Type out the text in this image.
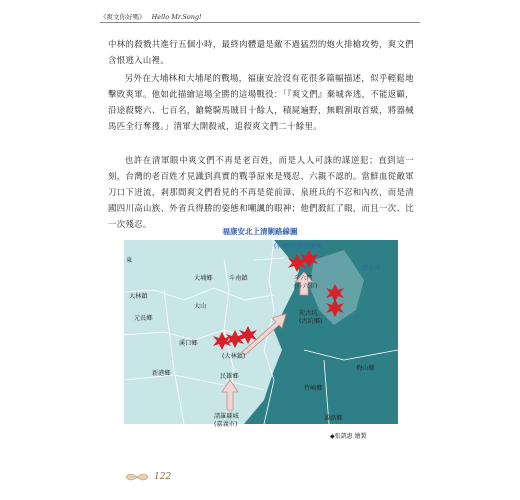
《爽文你好嗎》 Hello Mr.Song!

中林的殺戮共進行五個小時，最終肉體還是敵不過猛烈的炮火排槍攻勢，爽文們含恨逃入山裡。

另外在大埔林和大埔尾的戰場，福康安詮沒有花很多篇幅描述，似乎輕鬆地擊敗爽軍。他如此描繪這場全勝的這場戰役：「『爽文們』棄城奔逃，不能返顧，沿途殺斃六、七百名，鎗斃騎馬賊目十餘人，積屍遍野，無暇割取首級，將器械馬匹全行奪獲。」清軍大開殺戒，追殺爽文們二十餘里。

也許在清軍眼中爽文們不再是老百姓，而是人人可誅的謀逆犯；直到這一刻，台灣的老百姓才見識到真實的戰爭原來是殘忍、六親不認的。當鮮血從敵軍刀口下迸流，剎那間爽文們看見的不再是從前漳、泉班兵的不忍和內疚，而是清國四川高山族、外省兵得勝的姿態和嘲諷的眼神；他們殺紅了眼，而且一次、比一次殘忍。

福康安北上清剿路線圖
(石榴班汛)虎尾溪
斗六門
(斗六市)
清水溪
東
大埔鄉	斗南鎮
大林鎮
大山
元長鄉
溪口鄉
(大林鎮)
新港鄉	民雄鄉
諸羅縣城
(嘉義市)
崁古坑
(古坑鄉)	石仔
梅山鄉
竹崎鄉
番路鄉
◆張凱惠 繪製
122
